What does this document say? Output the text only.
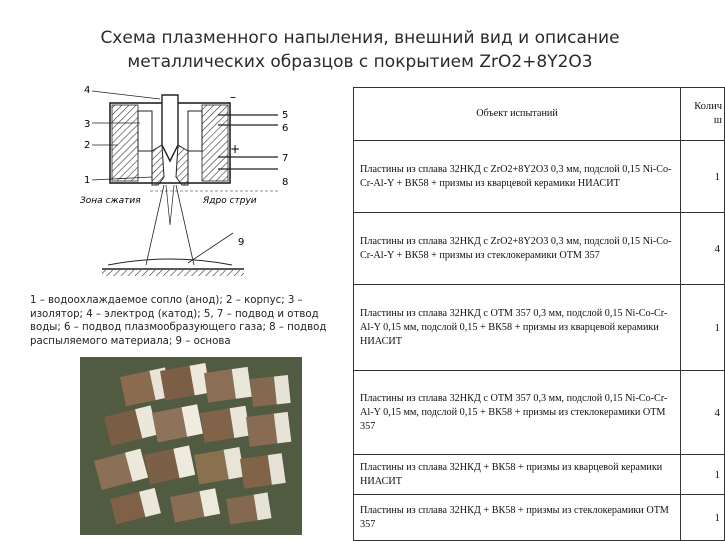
Схема плазменного напыления, внешний вид и описание
металлических образцов с покрытием ZrO2+8Y2O3
4
3
2
1
5
6
7
8
9
–
+
Зона сжатия	Ядро струи
1 – водоохлаждаемое сопло (анод); 2 – корпус; 3 – изолятор; 4 – электрод (катод); 5, 7 – подвод и отвод воды; 6 – подвод плазмообразующего газа; 8 – подвод распыляемого материала; 9 – основа
Объект испытаний	Колич
ш
Пластины из сплава 32НКД с ZrO2+8Y2O3 0,3 мм, подслой 0,15 Ni-Co-Cr-Al-Y + ВК58 + призмы из кварцевой керамики НИАСИТ	1
Пластины из сплава 32НКД с ZrO2+8Y2O3 0,3 мм, подслой 0,15 Ni-Co-Cr-Al-Y + ВК58 + призмы из стеклокерамики ОТМ 357	4
Пластины из сплава 32НКД с ОТМ 357 0,3 мм, подслой 0,15 Ni-Co-Cr-Al-Y 0,15 мм, подслой 0,15 + ВК58 + призмы из кварцевой керамики НИАСИТ	1
Пластины из сплава 32НКД с ОТМ 357 0,3 мм, подслой 0,15 Ni-Co-Cr-Al-Y 0,15 мм, подслой 0,15 + ВК58 + призмы из стеклокерамики ОТМ 357	4
Пластины из сплава 32НКД + ВК58 + призмы из кварцевой керамики НИАСИТ	1
Пластины из сплава 32НКД + ВК58 + призмы из стеклокерамики ОТМ 357	1
